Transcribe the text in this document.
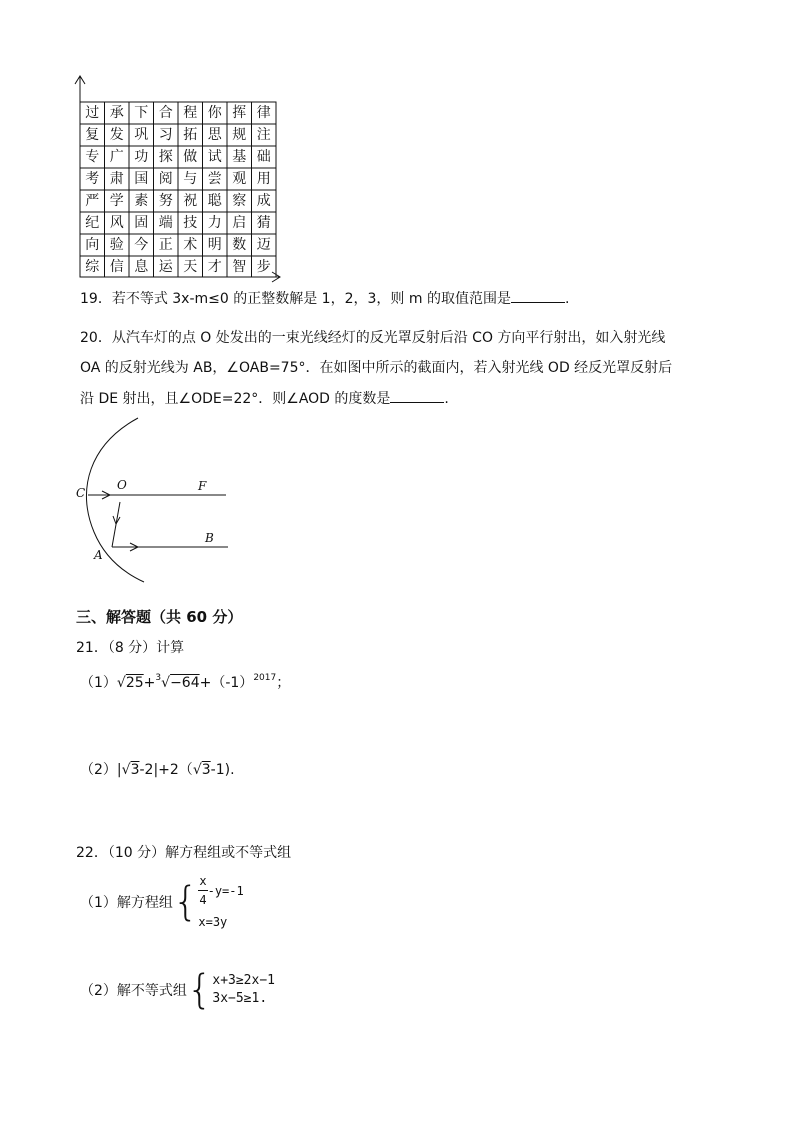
过 承 下 合 程 你 挥 律
复 发 巩 习 拓 思 规 注
专 广 功 探 做 试 基 础
考 肃 国 阅 与 尝 观 用
严 学 素 努 祝 聪 察 成
纪 风 固 端 技 力 启 猜
向 验 今 正 术 明 数 迈
综 信 息 运 天 才 智 步
19．若不等式 3x-m≤0 的正整数解是 1，2，3，则 m 的取值范围是	.
20．从汽车灯的点 O 处发出的一束光线经灯的反光罩反射后沿 CO 方向平行射出，如入射光线
OA 的反射光线为 AB，∠OAB=75°．在如图中所示的截面内，若入射光线 OD 经反光罩反射后
沿 DE 射出，且∠ODE=22°．则∠AOD 的度数是	.
C
O	F
A
B
三、解答题（共 60 分）
21．（8 分）计算
$(1)√25+^3√-64+(-1)^{2017}$；
（2）|√3-2|+2（√3-1).
22．（10 分）解方程组或不等式组
（1）解方程组 { $\frac{x}{4} -y=-1$
x=3y
（2）解不等式组 { x+3≥2x−1
3x−5≥1.
